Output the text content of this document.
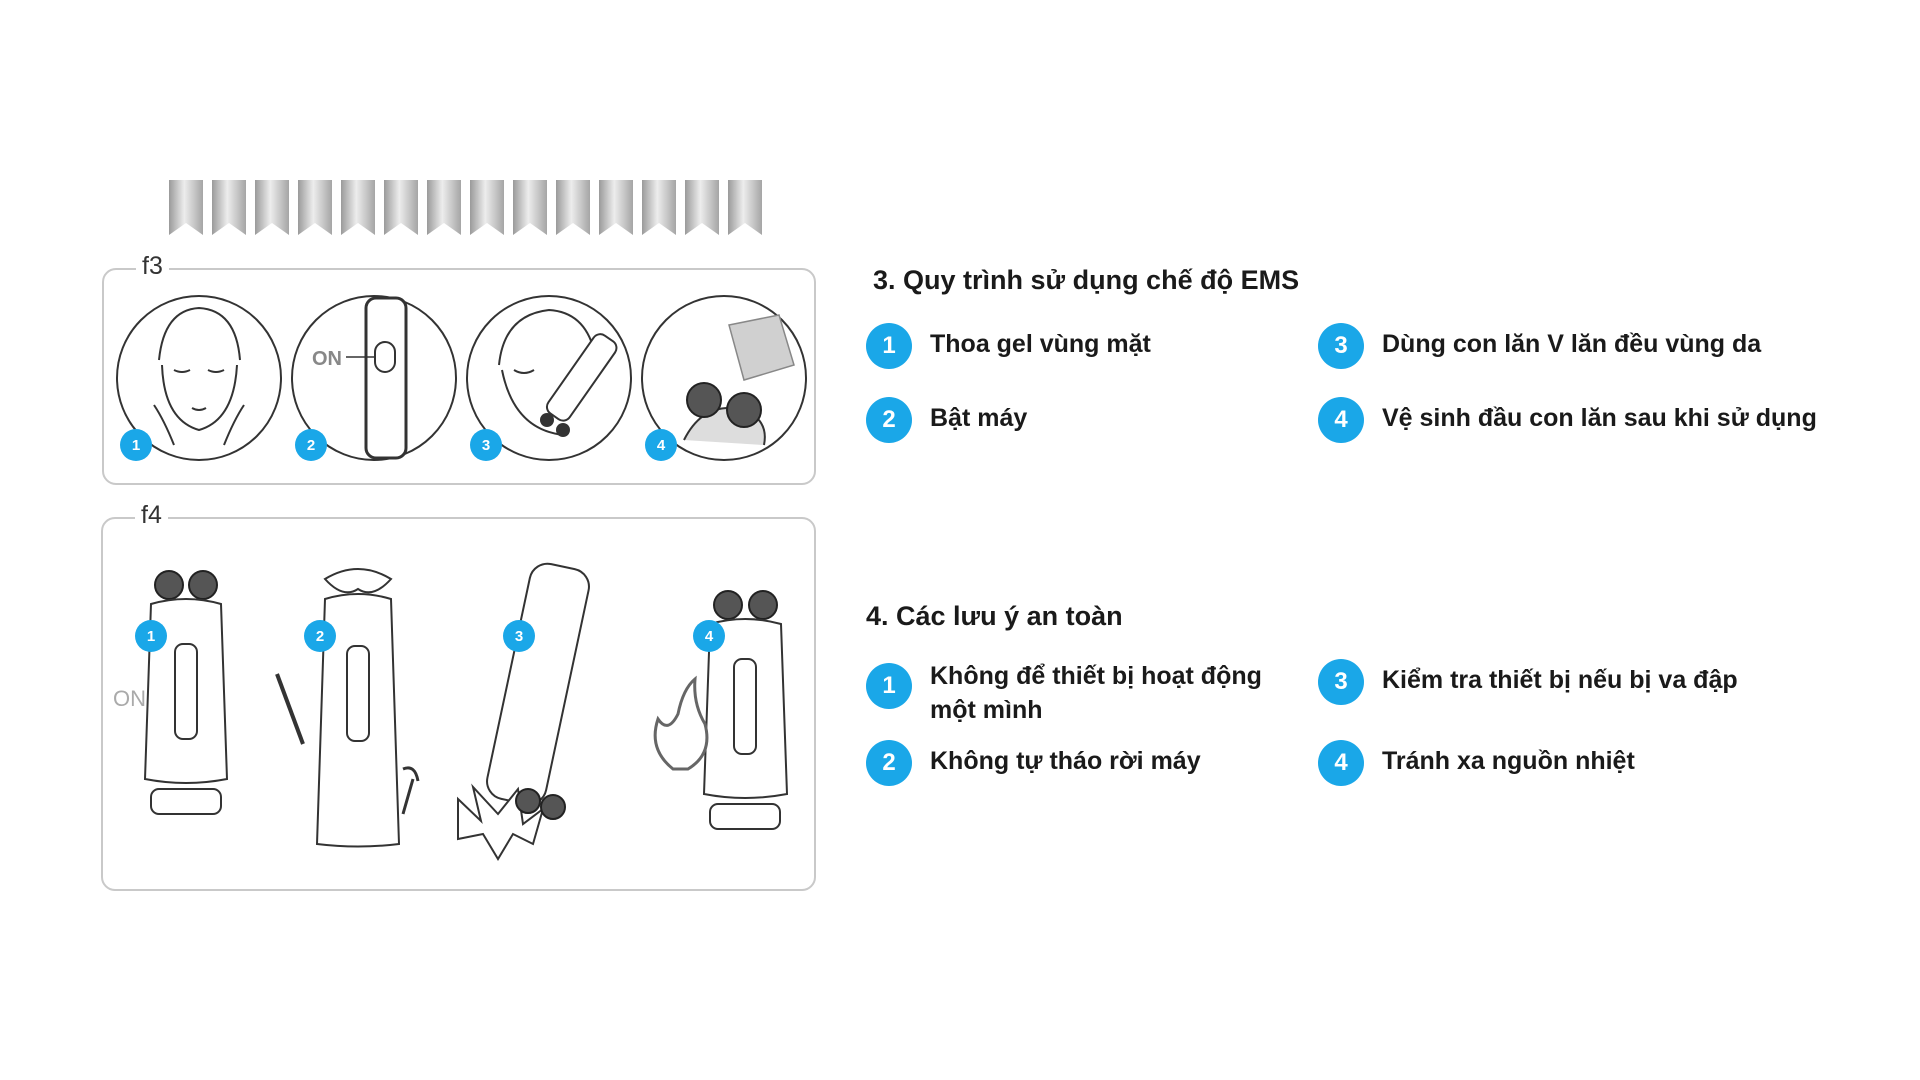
f3
ON
1	2	3	4
f4
ON
1	2	3	4
3. Quy trình sử dụng chế độ EMS
1	Thoa gel vùng mặt
2	Bật máy
3	Dùng con lăn V lăn đều vùng da
4	Vệ sinh đầu con lăn sau khi sử dụng
4. Các lưu ý an toàn
1	Không để thiết bị hoạt động
một mình
2	Không tự tháo rời máy
3	Kiểm tra thiết bị nếu bị va đập
4	Tránh xa nguồn nhiệt
